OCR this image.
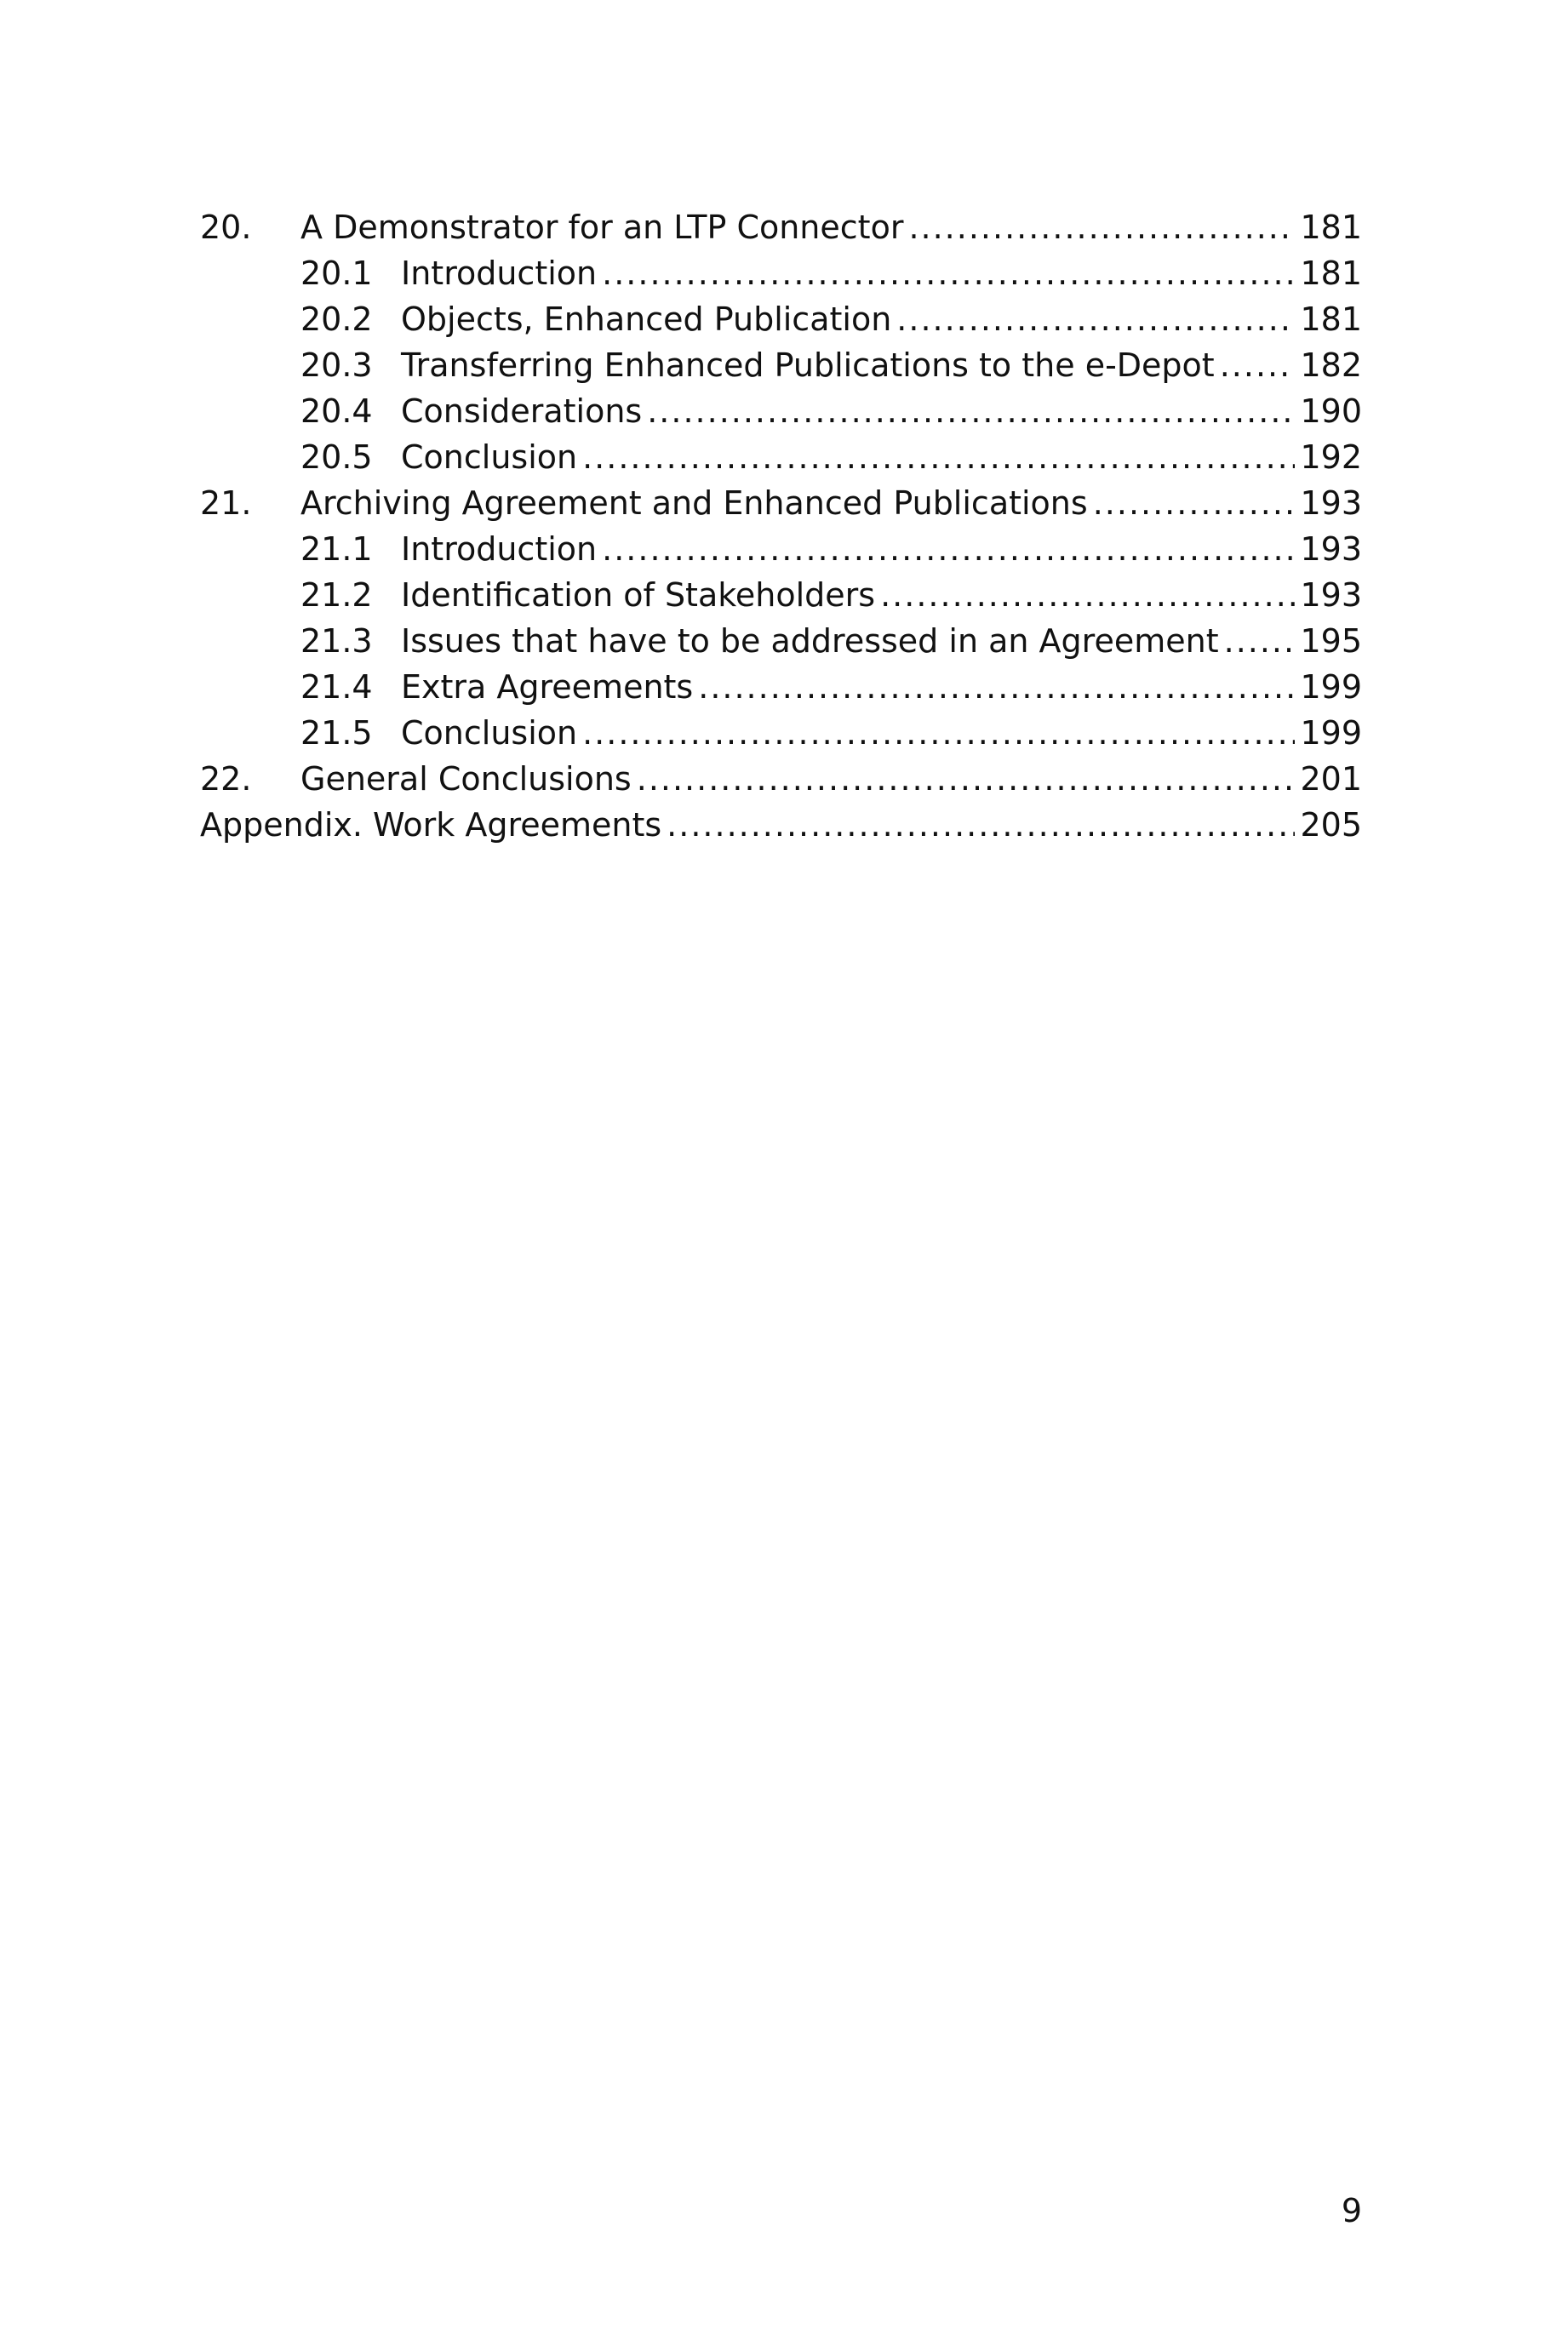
20.	A Demonstrator for an LTP Connector .....	181
20.1 Introduction .....	181
20.2 Objects, Enhanced Publication .....	181
20.3 Transferring Enhanced Publications to the e-Depot .....	182
20.4 Considerations .....	190
20.5 Conclusion .....	192
21.	Archiving Agreement and Enhanced Publications .....	193
21.1 Introduction .....	193
21.2 Identification of Stakeholders .....	193
21.3 Issues that have to be addressed in an Agreement .....	195
21.4 Extra Agreements .....	199
21.5 Conclusion .....	199
22.	General Conclusions .....	201
Appendix. Work Agreements .....	205
9
